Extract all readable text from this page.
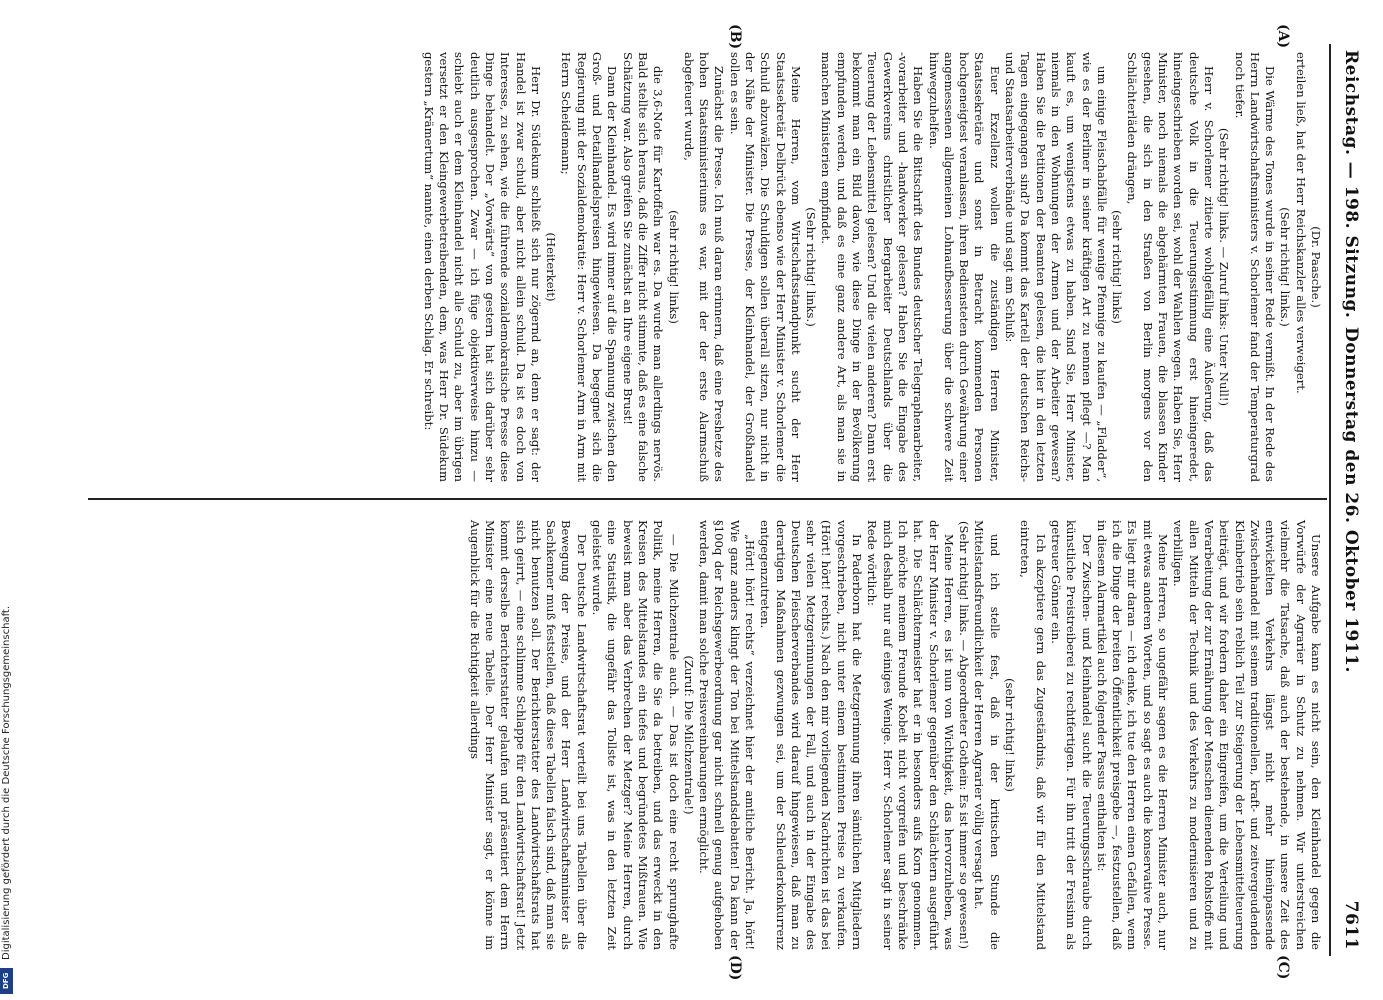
Reichstag. — 198. Sitzung.
Donnerstag den 26. Oktober 1911.
7611
(A)
(B)
(C)
(D)

(Dr. Paasche.)

erteilen ließ, hat der Herr Reichskanzler alles verweigert.

(Sehr richtig! links.)

Die Wärme des Tones wurde in seiner Rede vermißt. In der Rede des Herrn Landwirtschaftsministers v. Schorlemer fand der Temperaturgrad noch tiefer.

(Sehr richtig! links. — Zuruf links: Unter Null!)

Herr v. Schorlemer zitierte wohlgefällig eine Äußerung, daß das deutsche Volk in die Teuerungsstimmung erst hineingeredet, hineingeschrieben worden sei, wohl der Wahlen wegen. Haben Sie, Herr Minister, noch niemals die abgehärmten Frauen, die blassen Kinder gesehen, die sich in den Straßen von Berlin morgens vor den Schlächterläden drängen,

(sehr richtig! links)

um einige Fleischabfälle für wenige Pfennige zu kaufen — „Fladder“, wie es der Berliner in seiner kräftigen Art zu nennen pflegt —? Man kauft es, um wenigstens etwas zu haben. Sind Sie, Herr Minister, niemals in den Wohnungen der Armen und der Arbeiter gewesen? Haben Sie die Petitionen der Beamten gelesen, die hier in den letzten Tagen eingegangen sind? Da kommt das Kartell der deutschen Reichs- und Staatsarbeiterverbände und sagt am Schluß:

Euer Exzellenz wollen die zuständigen Herren Minister, Staatssekretäre und sonst in Betracht kommenden Personen hochgeneigtest veranlassen, ihren Bediensteten durch Gewährung einer angemessenen allgemeinen Lohnaufbesserung über die schwere Zeit hinwegzuhelfen.

Haben Sie die Bittschrift des Bundes deutscher Telegraphenarbeiter, ‑vorarbeiter und ‑handwerker gelesen? Haben Sie die Eingabe des Gewerkvereins christlicher Bergarbeiter Deutschlands über die Teuerung der Lebensmittel gelesen? Und die vielen anderen? Dann erst bekommt man ein Bild davon, wie diese Dinge in der Bevölkerung empfunden werden, und daß es eine ganz andere Art, als man sie in manchen Ministerien empfindet.

(Sehr richtig! links.)

Meine Herren, vom Wirtschaftsstandpunkt sucht der Herr Staatssekretär Delbrück ebenso wie der Herr Minister v. Schorlemer die Schuld abzuwälzen. Die Schuldigen sollen überall sitzen, nur nicht in der Nähe der Minister. Die Presse, der Kleinhandel, der Großhandel sollen es sein.

Zunächst die Presse. Ich muß daran erinnern, daß eine Preshetze des hohen Staatsministeriums es war, mit der der erste Alarmschuß abgefeuert wurde,

(sehr richtig! links)

die 3,6-Note für Kartoffeln war es. Da wurde man allerdings nervös. Bald stellte sich heraus, daß die Ziffer nicht stimmte, daß es eine falsche Schätzung war. Also greifen Sie zunächst an Ihre eigene Brust!

Dann der Kleinhandel. Es wird immer auf die Spannung zwischen den Groß- und Detailhandelspreisen hingewiesen. Da begegnet sich die Regierung mit der Sozialdemokratie: Herr v. Schorlemer Arm in Arm mit Herrn Scheidemann;

(Heiterkeit)

Herr Dr. Südekum schließt sich nur zögernd an, denn er sagt: der Handel ist zwar schuld, aber nicht allein schuld. Da ist es doch von Interesse, zu sehen, wie die führende sozialdemokratische Presse diese Dinge behandelt. Der „Vorwärts“ von gestern hat sich darüber sehr deutlich ausgesprochen. Zwar — ich füge objektiverweise hinzu — schiebt auch er dem Kleinhandel nicht alle Schuld zu, aber im übrigen versetzt er den Kleingewerbetreibenden, dem, was Herr Dr. Südekum gestern „Krämertum“ nannte, einen derben Schlag. Er schreibt:

Unsere Aufgabe kann es nicht sein, den Kleinhandel gegen die Vorwürfe der Agrarier in Schutz zu nehmen. Wir unterstreichen vielmehr die Tatsache, daß auch der bestehende, in unsere Zeit des entwickelten Verkehrs längst nicht mehr hineinpassende Zwischenhandel mit seinem traditionellen, kraft- und zeitvergeudenden Kleinbetrieb sein reblich Teil zur Steigerung der Lebensmittelteuerung beiträgt, und wir fordern daher ein Eingreifen, um die Verteilung und Verarbeitung der zur Ernährung der Menschen dienenden Rohstoffe mit allen Mitteln der Technik und des Verkehrs zu modernisieren und zu verbilligen.

Meine Herren, so ungefähr sagen es die Herren Minister auch, nur mit etwas anderen Worten, und so sagt es auch die konservative Presse. Es liegt mir daran — ich denke, ich tue den Herren einen Gefallen, wenn ich die Dinge der breiten Öffentlichkeit preisgebe —, festzustellen, daß in diesem Alarmartikel auch folgender Passus enthalten ist:

Der Zwischen- und Kleinhandel sucht die Teuerungsschraube durch künstliche Preistreiberei zu rechtfertigen. Für ihn tritt der Freisinn als getreuer Gönner ein.

Ich akzeptiere gern das Zugeständnis, daß wir für den Mittelstand eintreten,

(sehr richtig! links)

und ich stelle fest, daß in der kritischen Stunde die Mittelstandsfreundlichkeit der Herren Agrarier völlig versagt hat.

(Sehr richtig! links. — Abgeordneter Gothein: Es ist immer so gewesen!)

Meine Herren, es ist nun von Wichtigkeit, das hervorzuheben, was der Herr Minister v. Schorlemer gegenüber den Schlächtern ausgeführt hat. Die Schlächtermeister hat er in besonders aufs Korn genommen. Ich möchte meinem Freunde Kobelt nicht vorgreifen und beschränke mich deshalb nur auf einiges Wenige. Herr v. Schorlemer sagt in seiner Rede wörtlich:

In Paderborn hat die Metzgerinnung ihren sämtlichen Mitgliedern vorgeschrieben, nicht unter einem bestimmten Preise zu verkaufen. (Hört! hört! rechts.) Nach den mir vorliegenden Nachrichten ist das bei sehr vielen Metzgerinnungen der Fall, und auch in der Eingabe des Deutschen Fleischerverbandes wird darauf hingewiesen, daß man zu derartigen Maßnahmen gezwungen sei, um der Schleuderkonkurrenz entgegenzutreten.

„Hört! hört! rechts“ verzeichnet hier der amtliche Bericht. Ja, hört! Wie ganz anders klingt der Ton bei Mittelstandsdebatten! Da kann der §100q der Reichsgewerbeordnung gar nicht schnell genug aufgehoben werden, damit man solche Preisvereinbarungen ermöglicht.

(Zuruf: Die Milchzentrale!)

— Die Milchzentrale auch. — Das ist doch eine recht sprunghafte Politik, meine Herren, die Sie da betreiben, und das erweckt in den Kreisen des Mittelstandes ein tiefes und begründetes Mißtrauen. Wie beweist man aber das Verbrechen der Metzger? Meine Herren, durch eine Statistik, die ungefähr das Tollste ist, was in den letzten Zeit geleistet wurde.

Der Deutsche Landwirtschaftsrat verteilt bei uns Tabellen über die Bewegung der Preise, und der Herr Landwirtschaftsminister als Sachkenner muß feststellen, daß diese Tabellen falsch sind, daß man sie nicht benutzen soll. Der Berichterstatter des Landwirtschaftsrats hat sich geirrt, — eine schlimme Schlappe für den Landwirtschaftsrat! Jetzt kommt derselbe Berichterstatter gelaufen und präsentiert dem Herrn Minister eine neue Tabelle. Der Herr Minister sagt, er könne im Augenblick für die Richtigkeit allerdings

Digitalisierung gefördert durch die Deutsche Forschungsgemeinschaft.
DFG
